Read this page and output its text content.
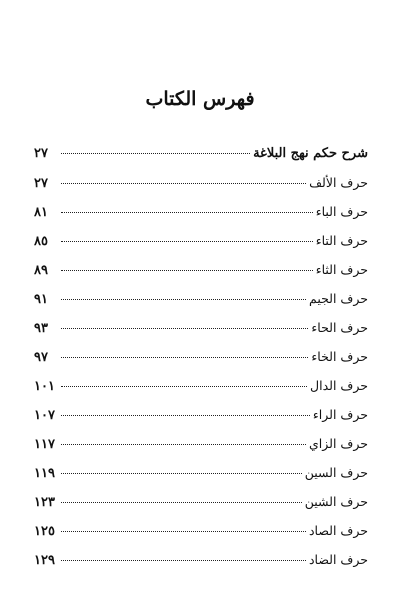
فهرس الكتاب
شرح حكم نهج البلاغة
٢٧
حرف الألف
٢٧
حرف الباء
٨١
حرف التاء
٨٥
حرف الثاء
٨٩
حرف الجيم
٩١
حرف الحاء
٩٣
حرف الخاء
٩٧
حرف الدال
١٠١
حرف الراء
١٠٧
حرف الزاي
١١٧
حرف السين
١١٩
حرف الشين
١٢٣
حرف الصاد
١٢٥
حرف الضاد
١٢٩
